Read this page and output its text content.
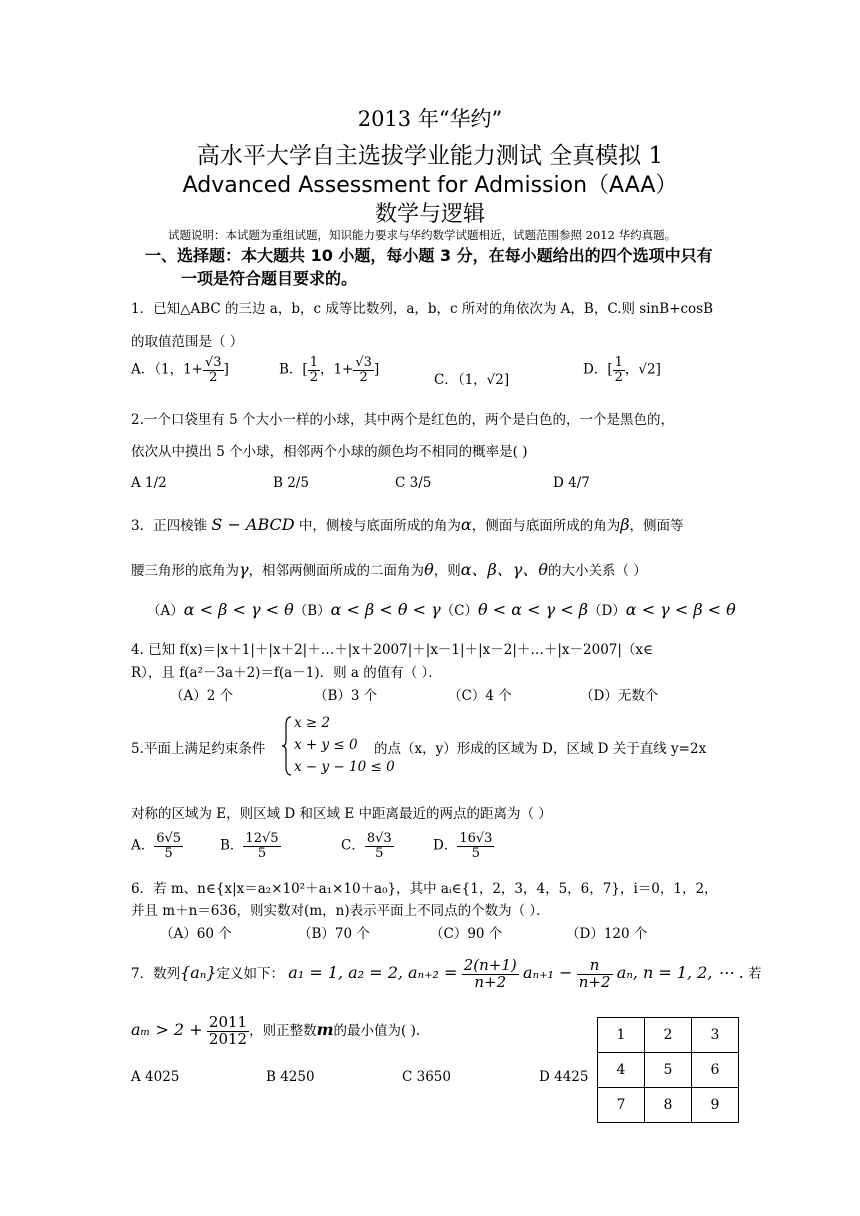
2013 年“华约”
高水平大学自主选拔学业能力测试 全真模拟 1
Advanced Assessment for Admission（AAA）
数学与逻辑
试题说明：本试题为重组试题，知识能力要求与华约数学试题相近，试题范围参照 2012 华约真题。
一、选择题：本大题共 10 小题，每小题 3 分，在每小题给出的四个选项中只有
一项是符合题目要求的。
1．已知△ABC 的三边 a，b，c 成等比数列，a，b，c 所对的角依次为 A，B，C.则 sinB+cosB
的取值范围是（ ）
A．（1，$1+ \frac{√3}{2}$ ]	B．[ $\frac{1}{2}$ ，$1+ \frac{√3}{2}$ ]
C．（1，√2]
D．[ $\frac{1}{2}$ ，√2]
2.一个口袋里有 5 个大小一样的小球，其中两个是红色的，两个是白色的，一个是黑色的，
依次从中摸出 5 个小球，相邻两个小球的颜色均不相同的概率是( )
A 1/2	B 2/5	C 3/5	D 4/7
3．正四棱锥 S − ABCD 中，侧棱与底面所成的角为α，侧面与底面所成的角为β，侧面等
腰三角形的底角为γ，相邻两侧面所成的二面角为θ，则α、β、γ、θ的大小关系（ ）
（A）α < β < γ < θ（B）α < β < θ < γ（C）θ < α < γ < β（D）α < γ < β < θ
4. 已知 f(x)＝|x＋1|＋|x＋2|＋…＋|x＋2007|＋|x－1|＋|x－2|＋…＋|x－2007|（x∈
R），且 f(a²－3a＋2)＝f(a－1)．则 a 的值有（ ）．
（A）2 个	（B）3 个	（C）4 个	（D）无数个
5.平面上满足约束条件
x ≥ 2
x + y ≤ 0
x − y − 10 ≤ 0
的点（x，y）形成的区域为 D，区域 D 关于直线 y=2x
对称的区域为 E，则区域 D 和区域 E 中距离最近的两点的距离为（ ）
A． $\frac{6√5}{5}$	B． $\frac{12√5}{5}$	C． $\frac{8√3}{5}$	D． $\frac{16√3}{5}$
6．若 m、n∈{x|x＝a₂×10²＋a₁×10＋a₀}，其中 aᵢ∈{1，2，3，4，5，6，7}，i＝0，1，2，
并且 m＋n＝636，则实数对(m，n)表示平面上不同点的个数为（ ）．
（A）60 个	（B）70 个	（C）90 个	（D）120 个
7．数列{aₙ}定义如下： a₁ = 1, a₂ = 2, $a_{n+2} = \frac{2(n+1)}{n+2} a_{n+1} - \frac{n}{n+2} a_n$, n = 1, 2, ⋯ . 若
$a_m > 2 + \frac{2011}{2012}$ ，则正整数m的最小值为( ).
A 4025	B 4250	C 3650	D 4425
1	2	3
4	5	6
7	8	9
